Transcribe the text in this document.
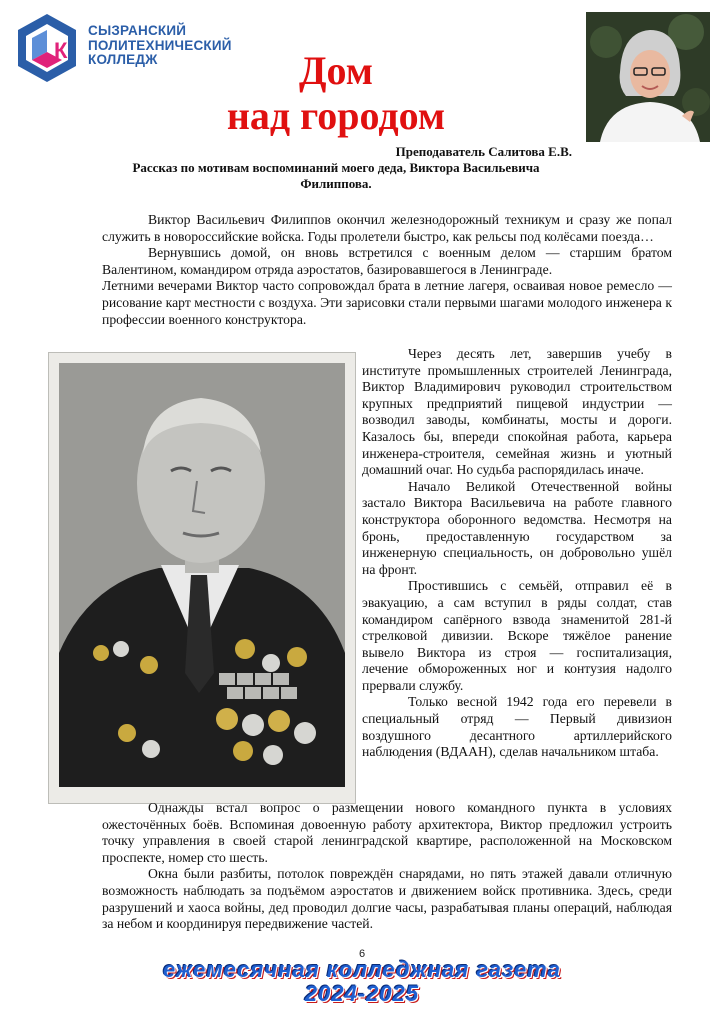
К
СЫЗРАНСКИЙ
ПОЛИТЕХНИЧЕСКИЙ
КОЛЛЕДЖ	Дом
над городом
Преподаватель Салитова Е.В.
Рассказ по мотивам воспоминаний моего деда, Виктора Васильевича Филиппова.

Виктор Васильевич Филиппов окончил железнодорожный техникум и сразу же попал служить в новороссийские войска. Годы пролетели быстро, как рельсы под колёсами поезда…

Вернувшись домой, он вновь встретился с военным делом — старшим братом Валентином, командиром отряда аэростатов, базировавшегося в Ленинграде.

Летними вечерами Виктор часто сопровождал брата в летние лагеря, осваивая новое ремесло — рисование карт местности с воздуха. Эти зарисовки стали первыми шагами молодого инженера к профессии военного конструктора.

Через десять лет, завершив учебу в институте промышленных строителей Ленинграда, Виктор Владимирович руководил строительством крупных предприятий пищевой индустрии — возводил заводы, комбинаты, мосты и дороги. Казалось бы, впереди спокойная работа, карьера инженера-строителя, семейная жизнь и уютный домашний очаг. Но судьба распорядилась иначе.

Начало Великой Отечественной войны застало Виктора Васильевича на работе главного конструктора оборонного ведомства. Несмотря на бронь, предоставленную государством за инженерную специальность, он добровольно ушёл на фронт.

Простившись с семьёй, отправил её в эвакуацию, а сам вступил в ряды солдат, став командиром сапёрного взвода знаменитой 281-й стрелковой дивизии. Вскоре тяжёлое ранение вывело Виктора из строя — госпитализация, лечение обмороженных ног и контузия надолго прервали службу.

Только весной 1942 года его перевели в специальный отряд — Первый дивизион воздушного десантного артиллерийского наблюдения (ВДААН), сделав начальником штаба.

Однажды встал вопрос о размещении нового командного пункта в условиях ожесточённых боёв. Вспоминая довоенную работу архитектора, Виктор предложил устроить точку управления в своей старой ленинградской квартире, расположенной на Московском проспекте, номер сто шесть.

Окна были разбиты, потолок повреждён снарядами, но пять этажей давали отличную возможность наблюдать за подъёмом аэростатов и движением войск противника. Здесь, среди разрушений и хаоса войны, дед проводил долгие часы, разрабатывая планы операций, наблюдая за небом и координируя передвижение частей.

6
ежемесячная колледжная газета
2024-2025
